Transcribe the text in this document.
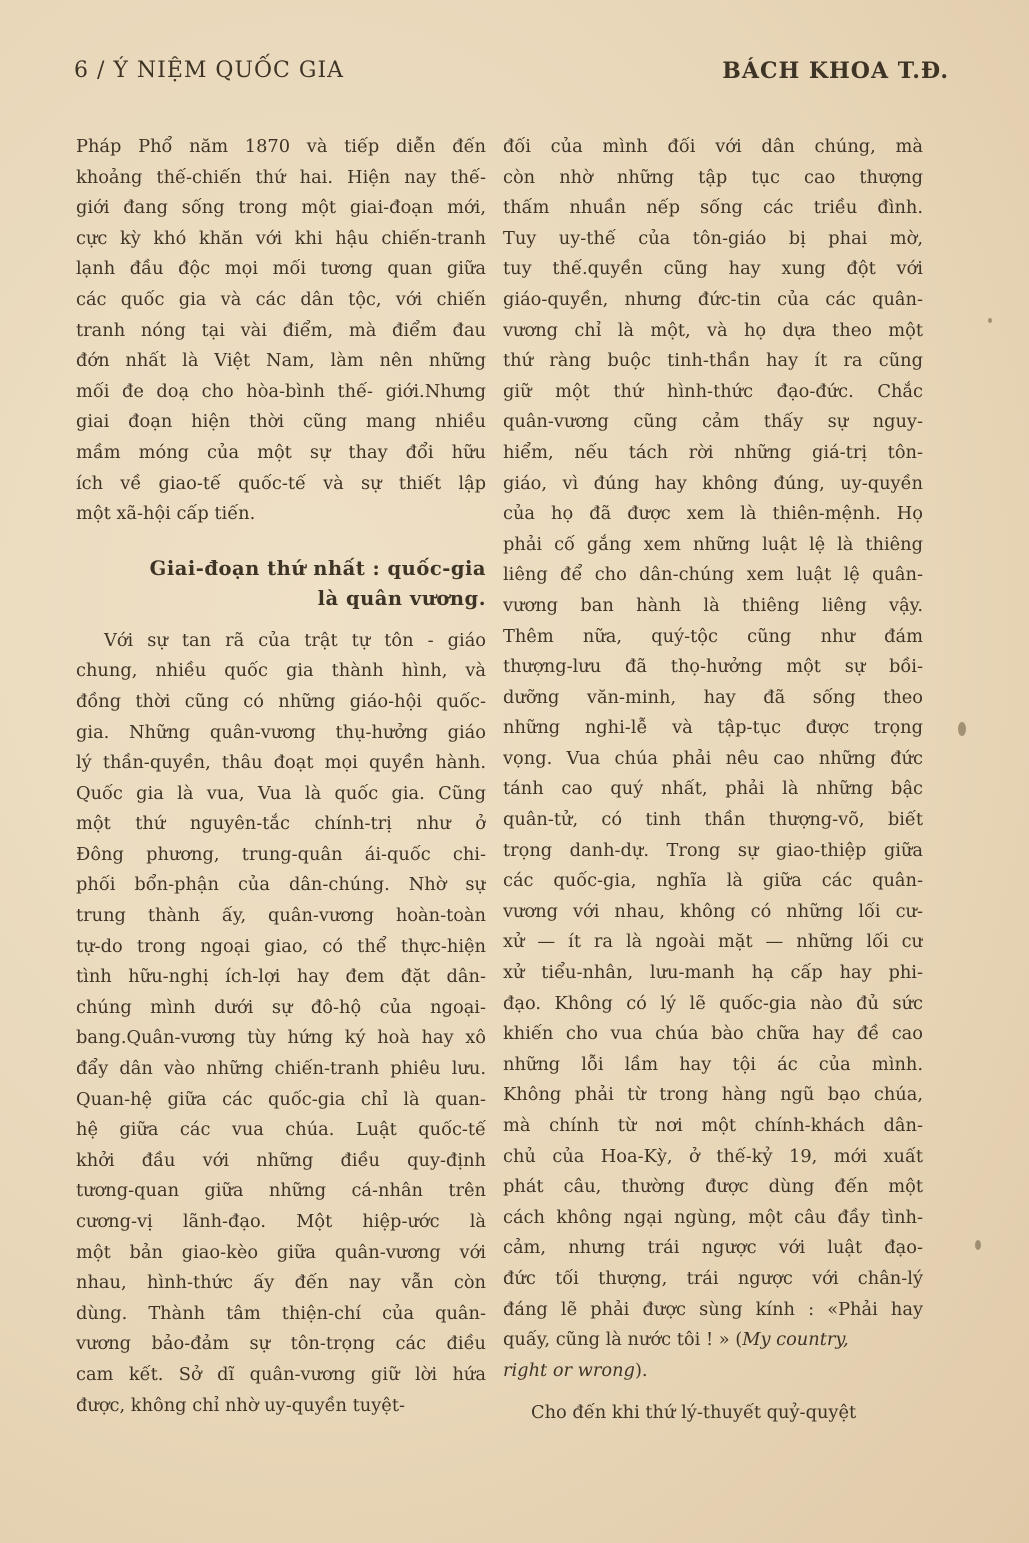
6 / Ý NIỆM QUỐC GIA	BÁCH KHOA T.Đ.
Pháp Phổ năm 1870 và tiếp diễn đến
khoảng thế-chiến thứ hai. Hiện nay thế-
giới đang sống trong một giai-đoạn mới,
cực kỳ khó khăn với khi hậu chiến-tranh
lạnh đầu độc mọi mối tương quan giữa
các quốc gia và các dân tộc, với chiến
tranh nóng tại vài điểm, mà điểm đau
đớn nhất là Việt Nam, làm nên những
mối đe doạ cho hòa-bình thế- giới.Nhưng
giai đoạn hiện thời cũng mang nhiều
mầm móng của một sự thay đổi hữu
ích về giao-tế quốc-tế và sự thiết lập
một xã-hội cấp tiến.
Giai-đoạn thứ nhất : quốc-gia
là quân vương.
Với sự tan rã của trật tự tôn - giáo
chung, nhiều quốc gia thành hình, và
đồng thời cũng có những giáo-hội quốc-
gia. Những quân-vương thụ-hưởng giáo
lý thần-quyền, thâu đoạt mọi quyền hành.
Quốc gia là vua, Vua là quốc gia. Cũng
một thứ nguyên-tắc chính-trị như ở
Đông phương, trung-quân ái-quốc chi-
phối bổn-phận của dân-chúng. Nhờ sự
trung thành ấy, quân-vương hoàn-toàn
tự-do trong ngoại giao, có thể thực-hiện
tình hữu-nghị ích-lợi hay đem đặt dân-
chúng mình dưới sự đô-hộ của ngoại-
bang.Quân-vương tùy hứng ký hoà hay xô
đẩy dân vào những chiến-tranh phiêu lưu.
Quan-hệ giữa các quốc-gia chỉ là quan-
hệ giữa các vua chúa. Luật quốc-tế
khởi đầu với những điều quy-định
tương-quan giữa những cá-nhân trên
cương-vị lãnh-đạo. Một hiệp-ước là
một bản giao-kèo giữa quân-vương với
nhau, hình-thức ấy đến nay vẫn còn
dùng. Thành tâm thiện-chí của quân-
vương bảo-đảm sự tôn-trọng các điều
cam kết. Sở dĩ quân-vương giữ lời hứa
được, không chỉ nhờ uy-quyền tuyệt-
đối của mình đối với dân chúng, mà
còn nhờ những tập tục cao thượng
thấm nhuần nếp sống các triều đình.
Tuy uy-thế của tôn-giáo bị phai mờ,
tuy thế.quyền cũng hay xung đột với
giáo-quyền, nhưng đức-tin của các quân-
vương chỉ là một, và họ dựa theo một
thứ ràng buộc tinh-thần hay ít ra cũng
giữ một thứ hình-thức đạo-đức. Chắc
quân-vương cũng cảm thấy sự nguy-
hiểm, nếu tách rời những giá-trị tôn-
giáo, vì đúng hay không đúng, uy-quyền
của họ đã được xem là thiên-mệnh. Họ
phải cố gắng xem những luật lệ là thiêng
liêng để cho dân-chúng xem luật lệ quân-
vương ban hành là thiêng liêng vậy.
Thêm nữa, quý-tộc cũng như đám
thượng-lưu đã thọ-hưởng một sự bồi-
dưỡng văn-minh, hay đã sống theo
những nghi-lễ và tập-tục được trọng
vọng. Vua chúa phải nêu cao những đức
tánh cao quý nhất, phải là những bậc
quân-tử, có tinh thần thượng-võ, biết
trọng danh-dự. Trong sự giao-thiệp giữa
các quốc-gia, nghĩa là giữa các quân-
vương với nhau, không có những lối cư-
xử — ít ra là ngoài mặt — những lối cư
xử tiểu-nhân, lưu-manh hạ cấp hay phi-
đạo. Không có lý lẽ quốc-gia nào đủ sức
khiến cho vua chúa bào chữa hay đề cao
những lỗi lầm hay tội ác của mình.
Không phải từ trong hàng ngũ bạo chúa,
mà chính từ nơi một chính-khách dân-
chủ của Hoa-Kỳ, ở thế-kỷ 19, mới xuất
phát câu, thường được dùng đến một
cách không ngại ngùng, một câu đầy tình-
cảm, nhưng trái ngược với luật đạo-
đức tối thượng, trái ngược với chân-lý
đáng lẽ phải được sùng kính : «Phải hay
quấy, cũng là nước tôi ! » (My country,
right or wrong).
Cho đến khi thứ lý-thuyết quỷ-quyệt
